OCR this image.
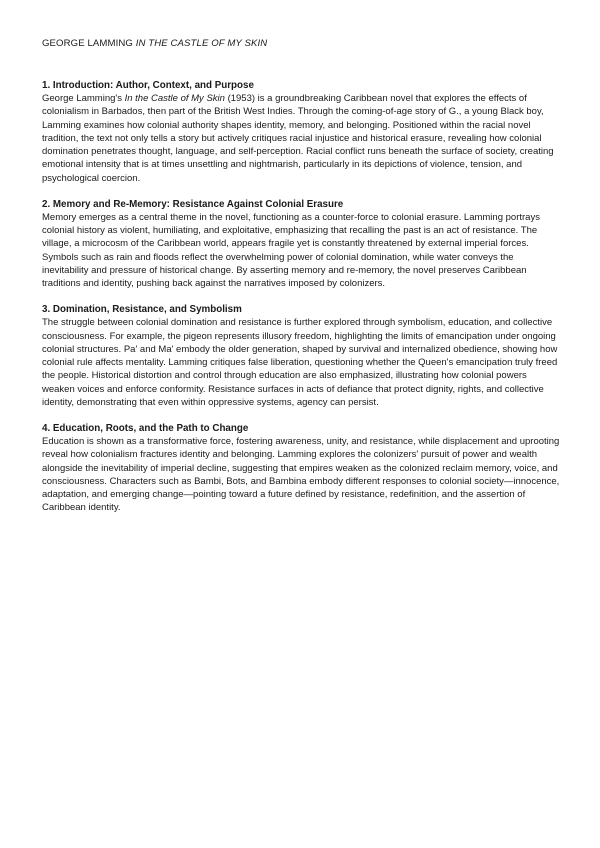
GEORGE LAMMING IN THE CASTLE OF MY SKIN

1. Introduction: Author, Context, and Purpose

George Lamming's In the Castle of My Skin (1953) is a groundbreaking Caribbean novel that explores the effects of colonialism in Barbados, then part of the British West Indies. Through the coming-of-age story of G., a young Black boy, Lamming examines how colonial authority shapes identity, memory, and belonging. Positioned within the racial novel tradition, the text not only tells a story but actively critiques racial injustice and historical erasure, revealing how colonial domination penetrates thought, language, and self-perception. Racial conflict runs beneath the surface of society, creating emotional intensity that is at times unsettling and nightmarish, particularly in its depictions of violence, tension, and psychological coercion.

2. Memory and Re-Memory: Resistance Against Colonial Erasure

Memory emerges as a central theme in the novel, functioning as a counter-force to colonial erasure. Lamming portrays colonial history as violent, humiliating, and exploitative, emphasizing that recalling the past is an act of resistance. The village, a microcosm of the Caribbean world, appears fragile yet is constantly threatened by external imperial forces. Symbols such as rain and floods reflect the overwhelming power of colonial domination, while water conveys the inevitability and pressure of historical change. By asserting memory and re-memory, the novel preserves Caribbean traditions and identity, pushing back against the narratives imposed by colonizers.

3. Domination, Resistance, and Symbolism

The struggle between colonial domination and resistance is further explored through symbolism, education, and collective consciousness. For example, the pigeon represents illusory freedom, highlighting the limits of emancipation under ongoing colonial structures. Pa' and Ma' embody the older generation, shaped by survival and internalized obedience, showing how colonial rule affects mentality. Lamming critiques false liberation, questioning whether the Queen's emancipation truly freed the people. Historical distortion and control through education are also emphasized, illustrating how colonial powers weaken voices and enforce conformity. Resistance surfaces in acts of defiance that protect dignity, rights, and collective identity, demonstrating that even within oppressive systems, agency can persist.

4. Education, Roots, and the Path to Change

Education is shown as a transformative force, fostering awareness, unity, and resistance, while displacement and uprooting reveal how colonialism fractures identity and belonging. Lamming explores the colonizers' pursuit of power and wealth alongside the inevitability of imperial decline, suggesting that empires weaken as the colonized reclaim memory, voice, and consciousness. Characters such as Bambi, Bots, and Bambina embody different responses to colonial society—innocence, adaptation, and emerging change—pointing toward a future defined by resistance, redefinition, and the assertion of Caribbean identity.
